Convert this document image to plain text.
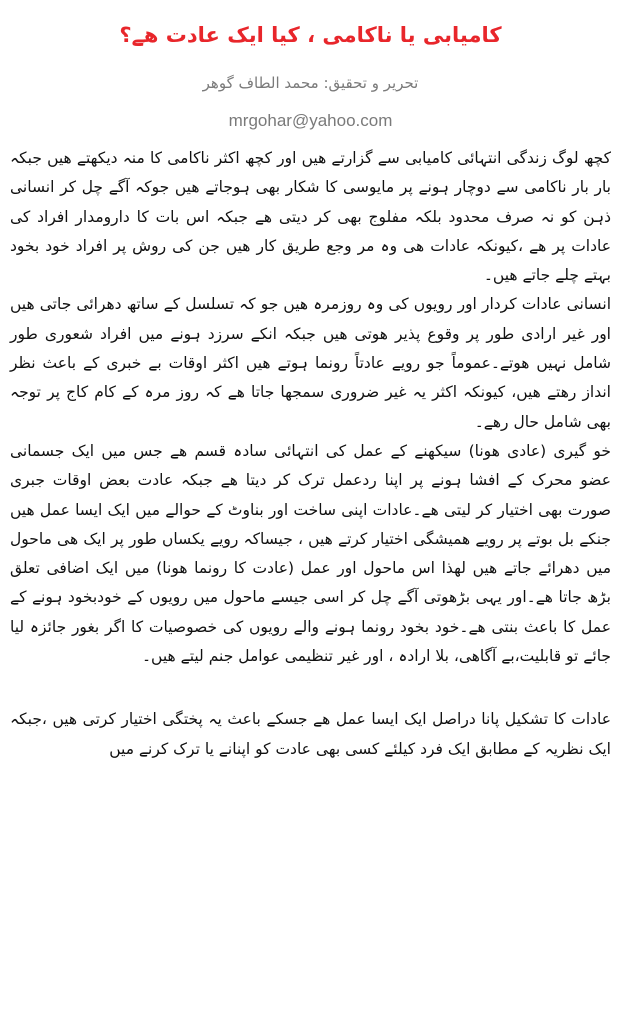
کامیابی یا ناکامی ، کیا ایک عادت ھے؟
تحریر و تحقیق: محمد الطاف گوھر
mrgohar@yahoo.com

کچھ لوگ زندگی انتہائی کامیابی سے گزارتے ھیں اور کچھ اکثر ناکامی کا منہ دیکھتے ھیں جبکہ بار بار ناکامی سے دوچار ہونے پر مایوسی کا شکار بھی ہوجاتے ھیں جوکہ آگے چل کر انسانی ذہن کو نہ صرف محدود بلکہ مفلوج بھی کر دیتی ھے جبکہ اس بات کا دارومدار افراد کی عادات پر ھے ،کیونکہ عادات ھی وہ مر وجع طریق کار ھیں جن کی روش پر افراد خود بخود بہتے چلے جاتے ھیں۔

انسانی عادات کردار اور رویوں کی وہ روزمرہ ھیں جو کہ تسلسل کے ساتھ دھرائی جاتی ھیں اور غیر ارادی طور پر وقوع پذیر ھوتی ھیں جبکہ انکے سرزد ہونے میں افراد شعوری طور شامل نہیں ھوتے۔عموماً جو رویے عادتاً رونما ہوتے ھیں اکثر اوقات بے خبری کے باعث نظر انداز رھتے ھیں، کیونکہ اکثر یہ غیر ضروری سمجھا جاتا ھے کہ روز مرہ کے کام کاج پر توجہ بھی شامل حال رھے۔

خو گیری (عادی ھونا) سیکھنے کے عمل کی انتہائی سادہ قسم ھے جس میں ایک جسمانی عضو محرک کے افشا ہونے پر اپنا ردعمل ترک کر دیتا ھے جبکہ عادت بعض اوقات جبری صورت بھی اختیار کر لیتی ھے۔عادات اپنی ساخت اور بناوٹ کے حوالے میں ایک ایسا عمل ھیں جنکے بل بوتے پر رویے ھمیشگی اختیار کرتے ھیں ، جیساکہ رویے یکساں طور پر ایک ھی ماحول میں دھرائے جاتے ھیں لھذا اس ماحول اور عمل (عادت کا رونما ھونا) میں ایک اضافی تعلق بڑھ جاتا ھے۔اور یہی بڑھوتی آگے چل کر اسی جیسے ماحول میں رویوں کے خودبخود ہونے کے عمل کا باعث بنتی ھے۔خود بخود رونما ہونے والے رویوں کی خصوصیات کا اگر بغور جائزہ لیا جائے تو قابلیت،بے آگاھی، بلا ارادہ ، اور غیر تنظیمی عوامل جنم لیتے ھیں۔

عادات کا تشکیل پانا دراصل ایک ایسا عمل ھے جسکے باعث یہ پختگی اختیار کرتی ھیں ،جبکہ ایک نظریہ کے مطابق ایک فرد کیلئے کسی بھی عادت کو اپنانے یا ترک کرنے میں
